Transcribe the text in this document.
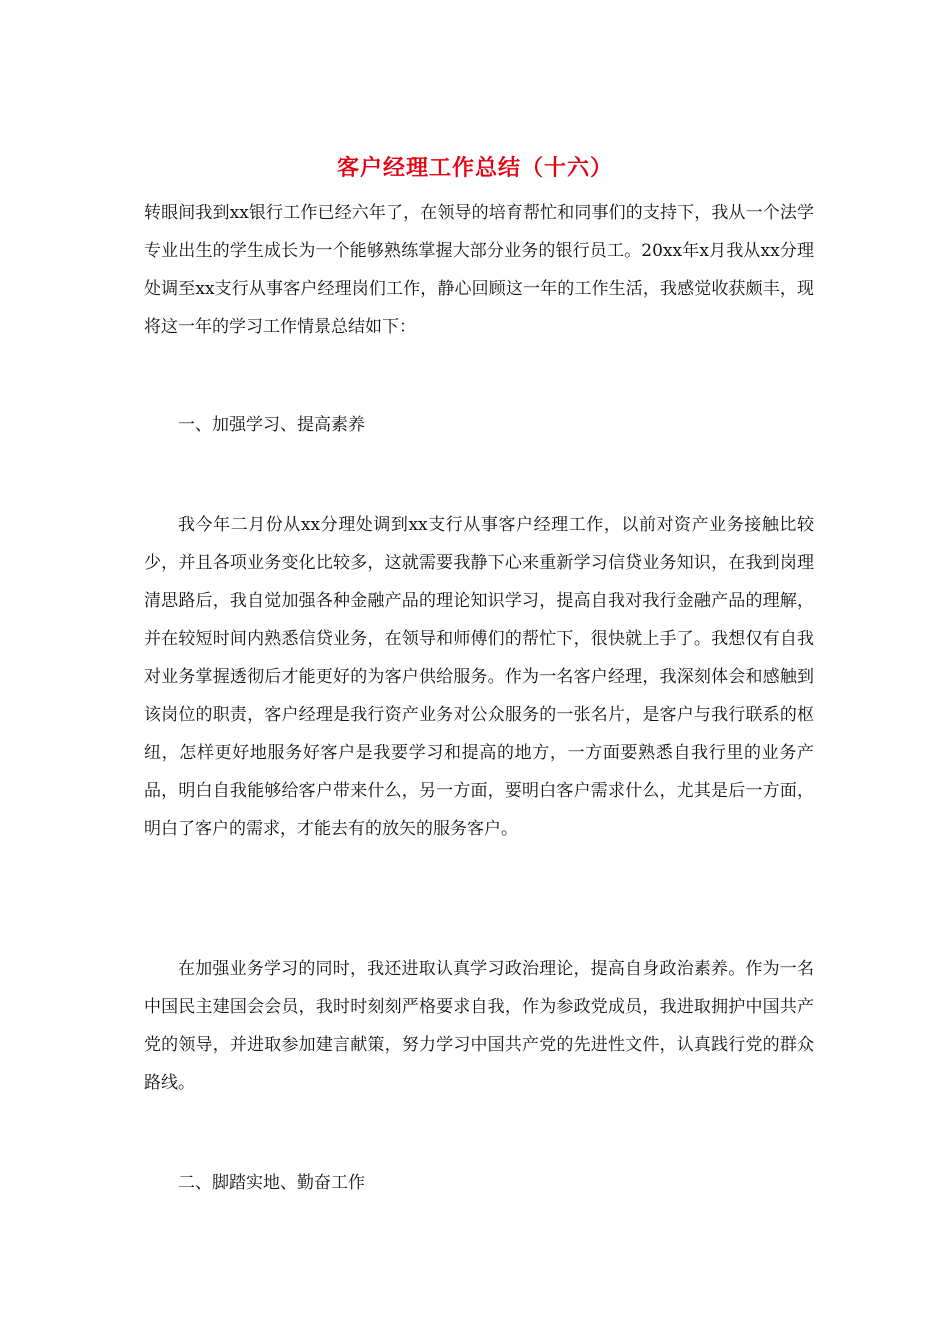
客户经理工作总结（十六）

转眼间我到xx银行工作已经六年了，在领导的培育帮忙和同事们的支持下，我从一个法学专业出生的学生成长为一个能够熟练掌握大部分业务的银行员工。20xx年x月我从xx分理处调至xx支行从事客户经理岗们工作，静心回顾这一年的工作生活，我感觉收获颇丰，现将这一年的学习工作情景总结如下：

一、加强学习、提高素养

我今年二月份从xx分理处调到xx支行从事客户经理工作，以前对资产业务接触比较少，并且各项业务变化比较多，这就需要我静下心来重新学习信贷业务知识，在我到岗理清思路后，我自觉加强各种金融产品的理论知识学习，提高自我对我行金融产品的理解，并在较短时间内熟悉信贷业务，在领导和师傅们的帮忙下，很快就上手了。我想仅有自我对业务掌握透彻后才能更好的为客户供给服务。作为一名客户经理，我深刻体会和感触到该岗位的职责，客户经理是我行资产业务对公众服务的一张名片，是客户与我行联系的枢纽，怎样更好地服务好客户是我要学习和提高的地方，一方面要熟悉自我行里的业务产品，明白自我能够给客户带来什么，另一方面，要明白客户需求什么，尤其是后一方面，明白了客户的需求，才能去有的放矢的服务客户。

在加强业务学习的同时，我还进取认真学习政治理论，提高自身政治素养。作为一名中国民主建国会会员，我时时刻刻严格要求自我，作为参政党成员，我进取拥护中国共产党的领导，并进取参加建言献策，努力学习中国共产党的先进性文件，认真践行党的群众路线。

二、脚踏实地、勤奋工作
